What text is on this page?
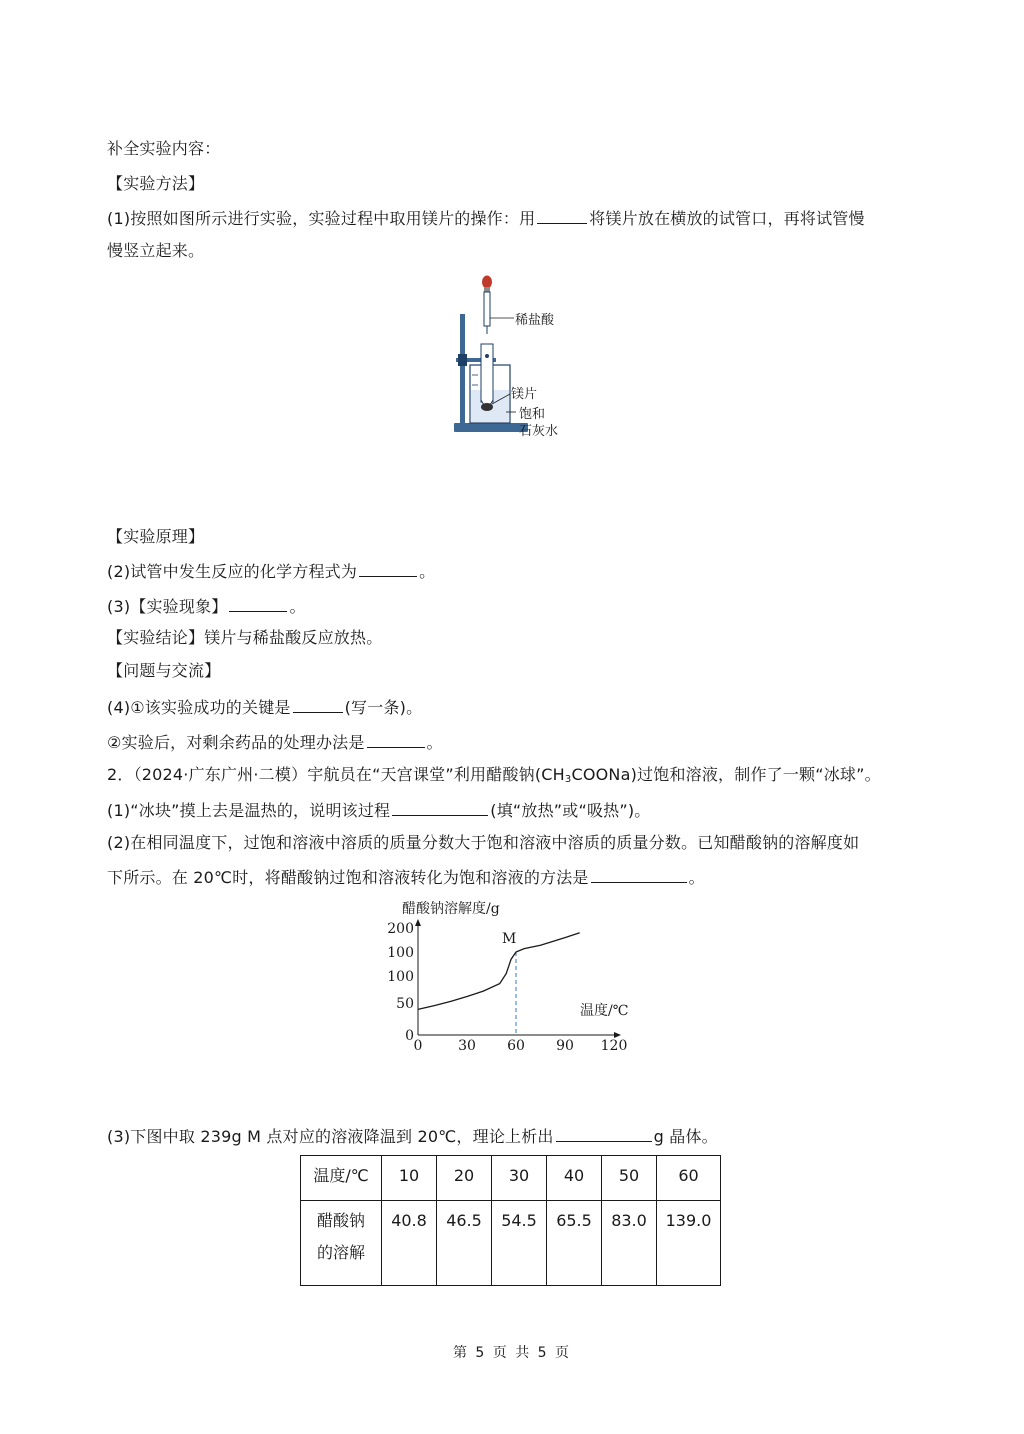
补全实验内容：
【实验方法】
(1)按照如图所示进行实验，实验过程中取用镁片的操作：用	将镁片放在横放的试管口，再将试管慢
慢竖立起来。
稀盐酸
镁片
饱和
石灰水
【实验原理】
(2)试管中发生反应的化学方程式为	。
(3)【实验现象】	。
【实验结论】镁片与稀盐酸反应放热。
【问题与交流】
(4)①该实验成功的关键是	(写一条)。
②实验后，对剩余药品的处理办法是	。
2．（2024·广东广州·二模）宇航员在“天宫课堂”利用醋酸钠$(CH_3COONa)$过饱和溶液，制作了一颗“冰球”。
(1)“冰块”摸上去是温热的，说明该过程	(填“放热”或“吸热”)。
(2)在相同温度下，过饱和溶液中溶质的质量分数大于饱和溶液中溶质的质量分数。已知醋酸钠的溶解度如
下所示。在 20℃时，将醋酸钠过饱和溶液转化为饱和溶液的方法是	。
醋酸钠溶解度/g
温度/℃
0	30 60 90 120
0
50
100
100
200
M
(3)下图中取 239g M 点对应的溶液降温到 20℃，理论上析出	g 晶体。
温度/℃	10	20	30	40	50	60
醋酸钠
的溶解	40.8	46.5	54.5	65.5	83.0	139.0
第 5 页 共 5 页
